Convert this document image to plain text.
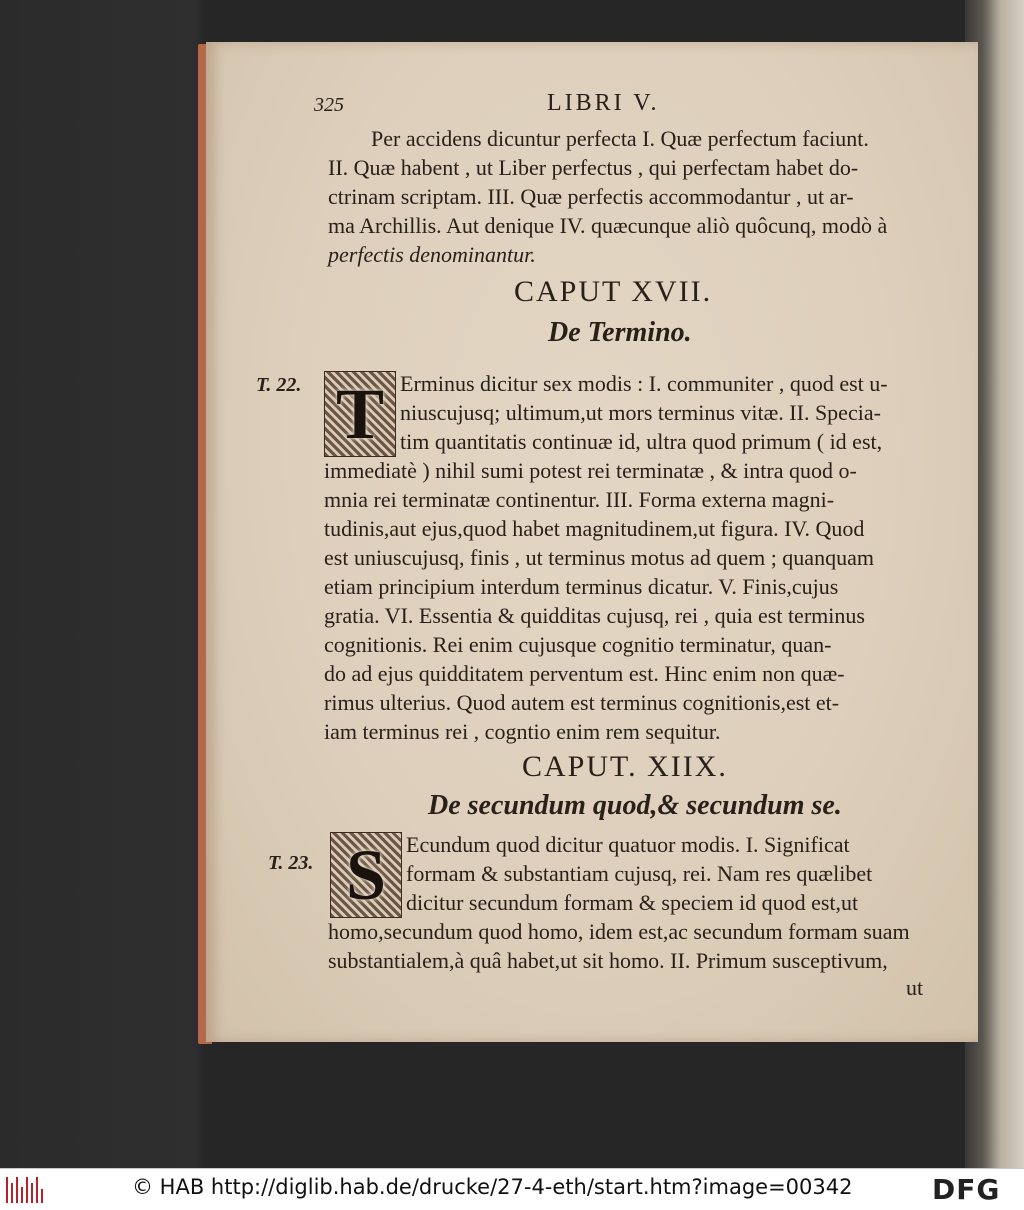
325	LIBRI V.
Per accidens dicuntur perfecta I. Quæ perfectum faciunt.
II. Quæ habent , ut Liber perfectus , qui perfectam habet do-
ctrinam scriptam. III. Quæ perfectis accommodantur , ut ar-
ma Archillis. Aut denique IV. quæcunque aliò quôcunq, modò à
perfectis denominantur.
CAPUT XVII.
De Termino.
T. 22. T Erminus dicitur sex modis : I. communiter , quod est u-
niuscujusq; ultimum,ut mors terminus vitæ. II. Specia-
tim quantitatis continuæ id, ultra quod primum ( id est,
immediatè ) nihil sumi potest rei terminatæ , & intra quod o-
mnia rei terminatæ continentur. III. Forma externa magni-
tudinis,aut ejus,quod habet magnitudinem,ut figura. IV. Quod
est uniuscujusq, finis , ut terminus motus ad quem ; quanquam
etiam principium interdum terminus dicatur. V. Finis,cujus
gratia. VI. Essentia & quidditas cujusq, rei , quia est terminus
cognitionis. Rei enim cujusque cognitio terminatur, quan-
do ad ejus quidditatem perventum est. Hinc enim non quæ-
rimus ulterius. Quod autem est terminus cognitionis,est et-
iam terminus rei , cogntio enim rem sequitur.
CAPUT. XIIX.
De secundum quod,& secundum se.
T. 23. S Ecundum quod dicitur quatuor modis. I. Significat
formam & substantiam cujusq, rei. Nam res quælibet
dicitur secundum formam & speciem id quod est,ut
homo,secundum quod homo, idem est,ac secundum formam suam
substantialem,à quâ habet,ut sit homo. II. Primum susceptivum,
ut
© HAB http://diglib.hab.de/drucke/27-4-eth/start.htm?image=00342	DFG
